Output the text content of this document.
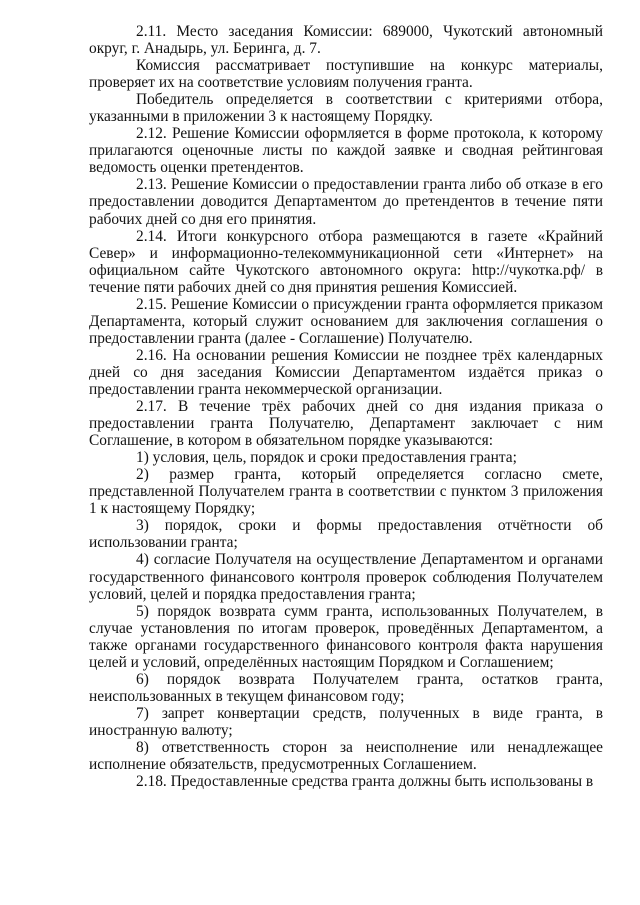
2.11. Место заседания Комиссии: 689000, Чукотский автономный округ, г. Анадырь, ул. Беринга, д. 7.

Комиссия рассматривает поступившие на конкурс материалы, проверяет их на соответствие условиям получения гранта.

Победитель определяется в соответствии с критериями отбора, указанными в приложении 3 к настоящему Порядку.

2.12. Решение Комиссии оформляется в форме протокола, к которому прилагаются оценочные листы по каждой заявке и сводная рейтинговая ведомость оценки претендентов.

2.13. Решение Комиссии о предоставлении гранта либо об отказе в его предоставлении доводится Департаментом до претендентов в течение пяти рабочих дней со дня его принятия.

2.14. Итоги конкурсного отбора размещаются в газете «Крайний Север» и информационно-телекоммуникационной сети «Интернет» на официальном сайте Чукотского автономного округа: http://чукотка.рф/ в течение пяти рабочих дней со дня принятия решения Комиссией.

2.15. Решение Комиссии о присуждении гранта оформляется приказом Департамента, который служит основанием для заключения соглашения о предоставлении гранта (далее - Соглашение) Получателю.

2.16. На основании решения Комиссии не позднее трёх календарных дней со дня заседания Комиссии Департаментом издаётся приказ о предоставлении гранта некоммерческой организации.

2.17. В течение трёх рабочих дней со дня издания приказа о предоставлении гранта Получателю, Департамент заключает с ним Соглашение, в котором в обязательном порядке указываются:

1) условия, цель, порядок и сроки предоставления гранта;

2) размер гранта, который определяется согласно смете, представленной Получателем гранта в соответствии с пунктом 3 приложения 1 к настоящему Порядку;

3) порядок, сроки и формы предоставления отчётности об использовании гранта;

4) согласие Получателя на осуществление Департаментом и органами государственного финансового контроля проверок соблюдения Получателем условий, целей и порядка предоставления гранта;

5) порядок возврата сумм гранта, использованных Получателем, в случае установления по итогам проверок, проведённых Департаментом, а также органами государственного финансового контроля факта нарушения целей и условий, определённых настоящим Порядком и Соглашением;

6) порядок возврата Получателем гранта, остатков гранта, неиспользованных в текущем финансовом году;

7) запрет конвертации средств, полученных в виде гранта, в иностранную валюту;

8) ответственность сторон за неисполнение или ненадлежащее исполнение обязательств, предусмотренных Соглашением.

2.18. Предоставленные средства гранта должны быть использованы в
